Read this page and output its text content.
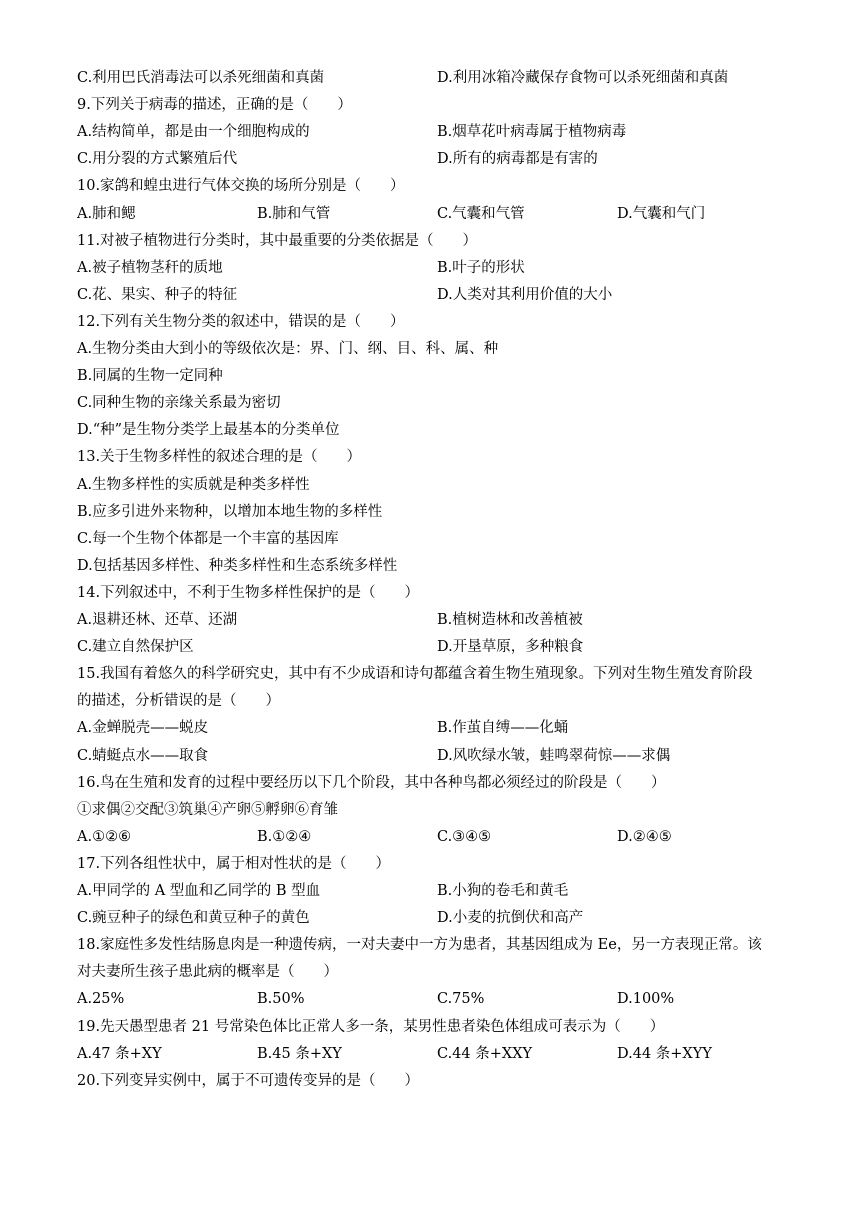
C.利用巴氏消毒法可以杀死细菌和真菌	D.利用冰箱冷藏保存食物可以杀死细菌和真菌
9.下列关于病毒的描述，正确的是（　　）
A.结构简单，都是由一个细胞构成的	B.烟草花叶病毒属于植物病毒
C.用分裂的方式繁殖后代	D.所有的病毒都是有害的
10.家鸽和蝗虫进行气体交换的场所分别是（　　）
A.肺和鳃	B.肺和气管	C.气囊和气管	D.气囊和气门
11.对被子植物进行分类时，其中最重要的分类依据是（　　）
A.被子植物茎秆的质地	B.叶子的形状
C.花、果实、种子的特征	D.人类对其利用价值的大小
12.下列有关生物分类的叙述中，错误的是（　　）
A.生物分类由大到小的等级依次是：界、门、纲、目、科、属、种
B.同属的生物一定同种
C.同种生物的亲缘关系最为密切
D.“种”是生物分类学上最基本的分类单位
13.关于生物多样性的叙述合理的是（　　）
A.生物多样性的实质就是种类多样性
B.应多引进外来物种，以增加本地生物的多样性
C.每一个生物个体都是一个丰富的基因库
D.包括基因多样性、种类多样性和生态系统多样性
14.下列叙述中，不利于生物多样性保护的是（　　）
A.退耕还林、还草、还湖	B.植树造林和改善植被
C.建立自然保护区	D.开垦草原，多种粮食
15.我国有着悠久的科学研究史，其中有不少成语和诗句都蕴含着生物生殖现象。下列对生物生殖发育阶段
的描述，分析错误的是（　　）
A.金蝉脱壳——蜕皮	B.作茧自缚——化蛹
C.蜻蜓点水——取食	D.风吹绿水皱，蛙鸣翠荷惊——求偶
16.鸟在生殖和发育的过程中要经历以下几个阶段，其中各种鸟都必须经过的阶段是（　　）
①求偶②交配③筑巢④产卵⑤孵卵⑥育雏
A.①②⑥	B.①②④	C.③④⑤	D.②④⑤
17.下列各组性状中，属于相对性状的是（　　）
A.甲同学的 A 型血和乙同学的 B 型血	B.小狗的卷毛和黄毛
C.豌豆种子的绿色和黄豆种子的黄色	D.小麦的抗倒伏和高产
18.家庭性多发性结肠息肉是一种遗传病，一对夫妻中一方为患者，其基因组成为 Ee，另一方表现正常。该
对夫妻所生孩子患此病的概率是（　　）
A.25%	B.50%	C.75%	D.100%
19.先天愚型患者 21 号常染色体比正常人多一条，某男性患者染色体组成可表示为（　　）
A.47 条+XY	B.45 条+XY	C.44 条+XXY	D.44 条+XYY
20.下列变异实例中，属于不可遗传变异的是（　　）
